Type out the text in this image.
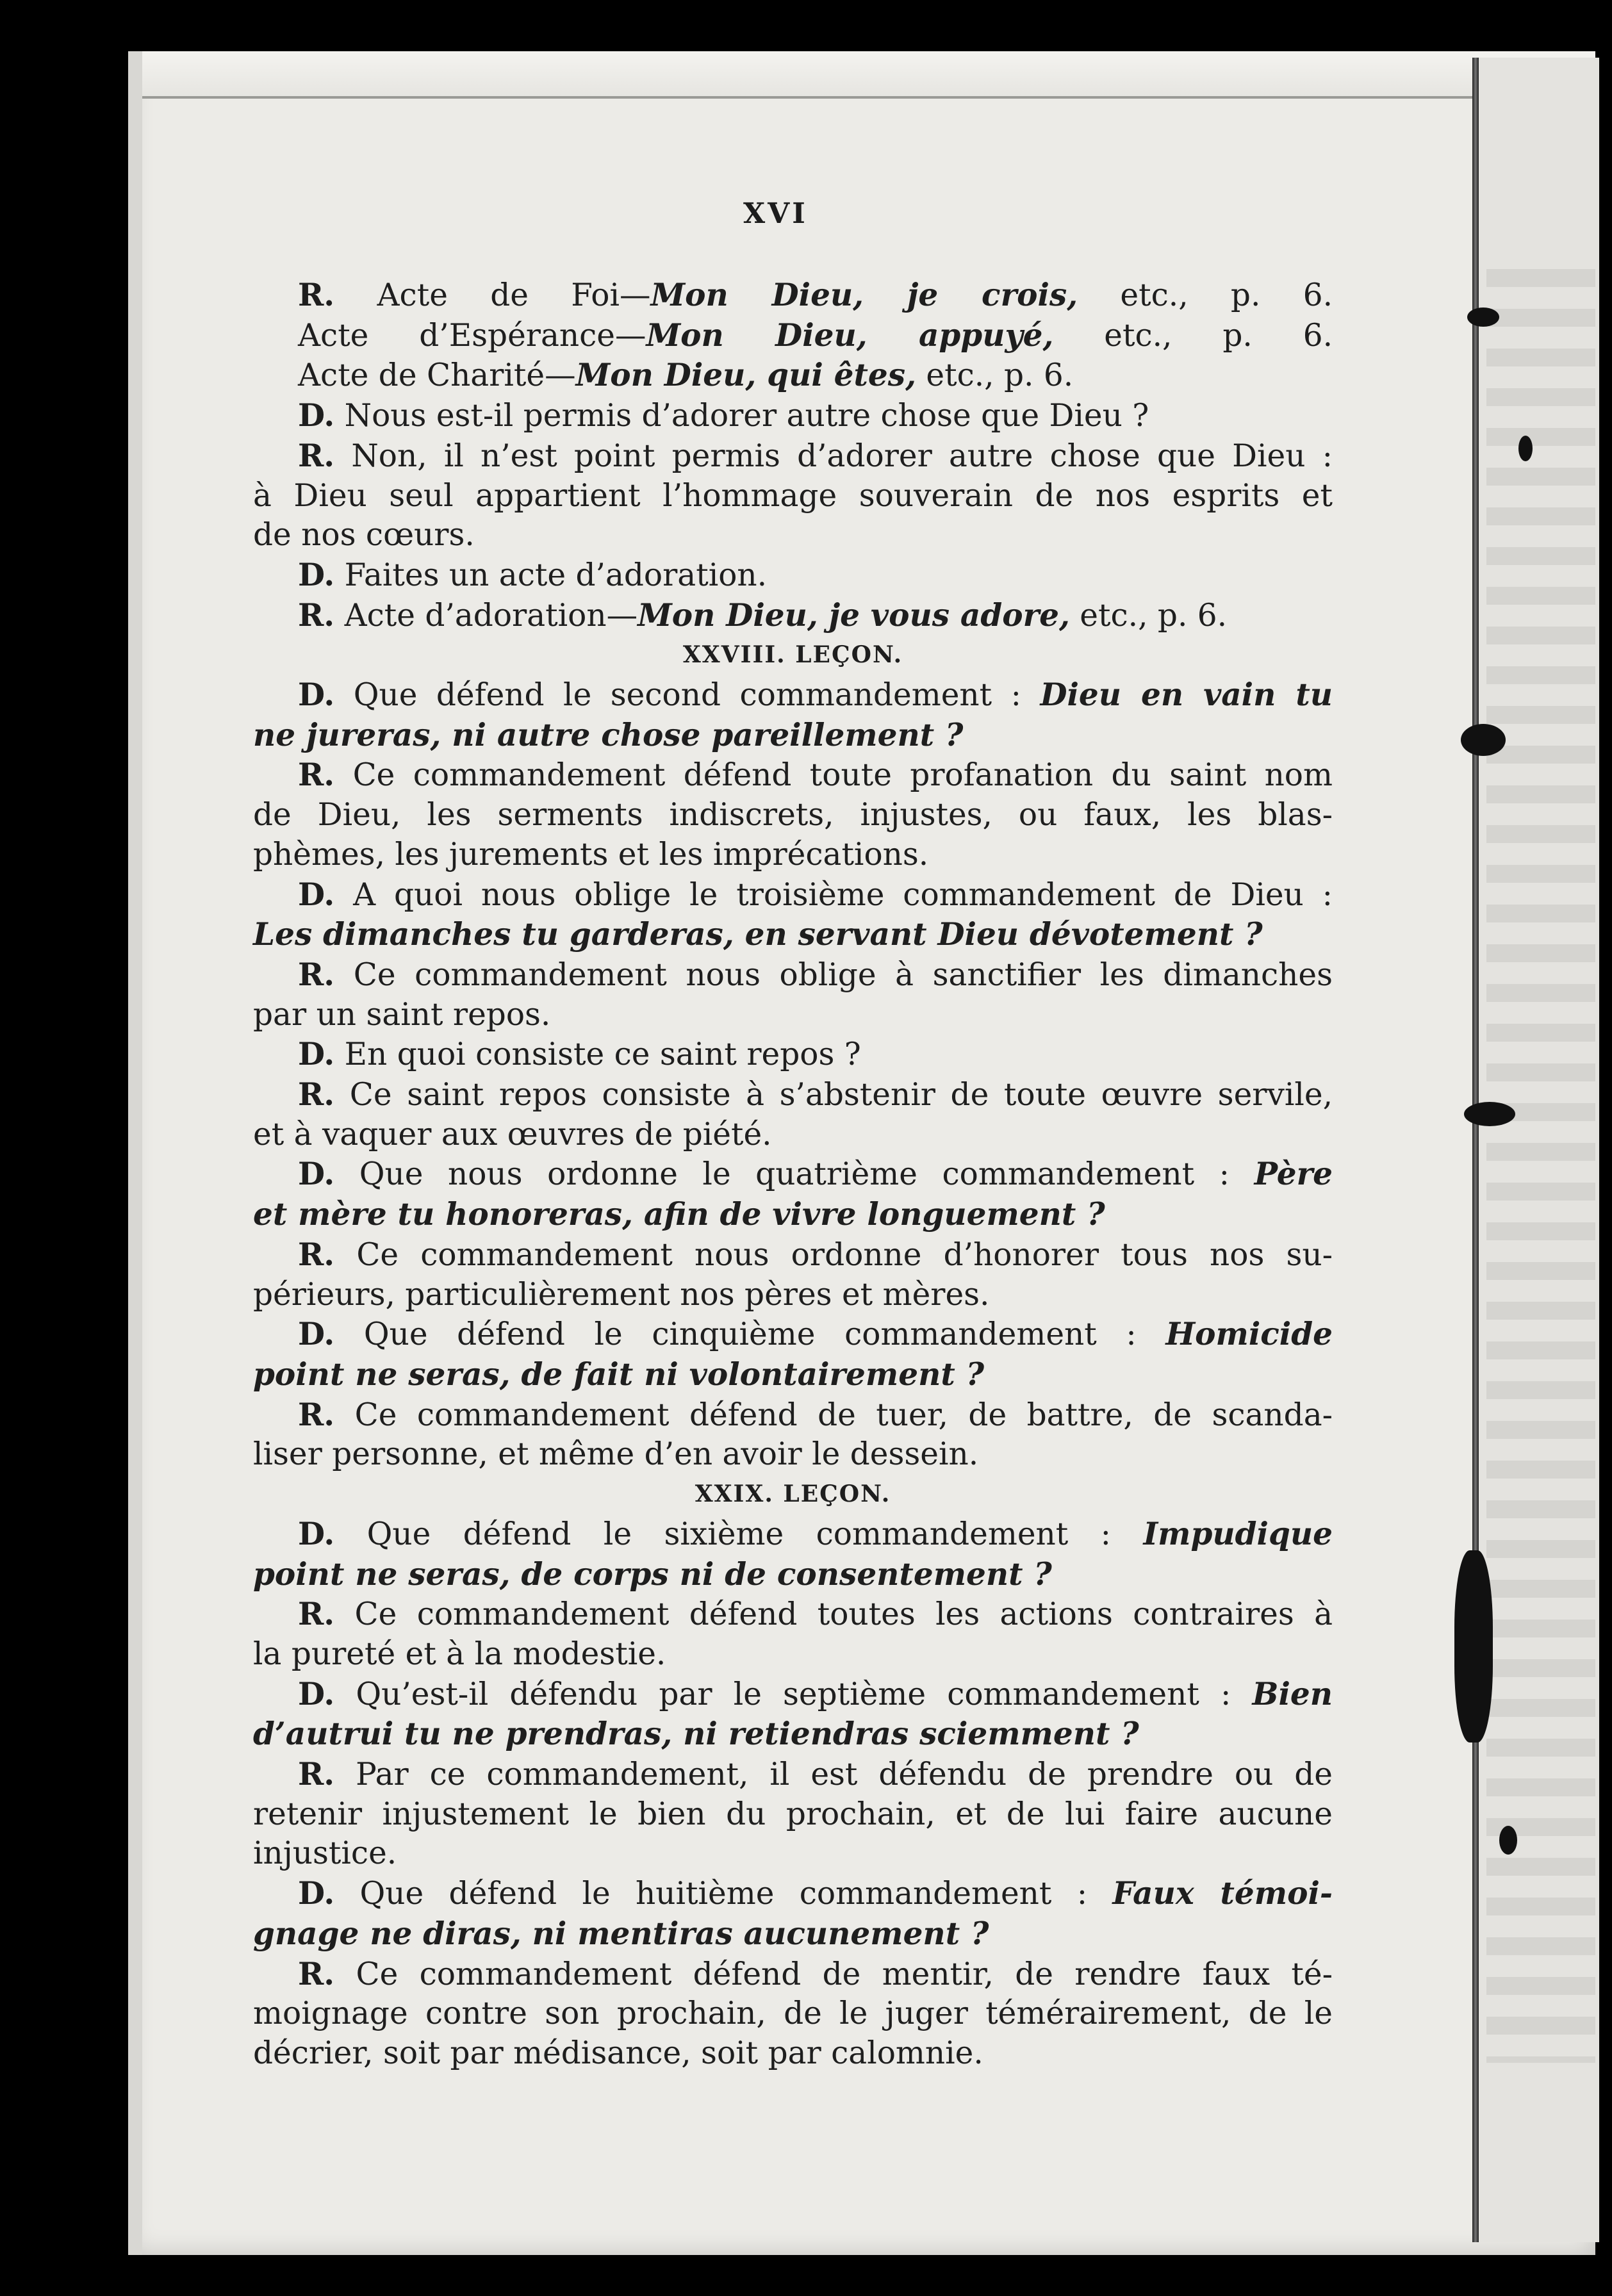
XVI
R. Acte de Foi—Mon Dieu, je crois, etc., p. 6.
Acte d’Espérance—Mon Dieu, appuyé, etc., p. 6.
Acte de Charité—Mon Dieu, qui êtes, etc., p. 6.
D. Nous est-il permis d’adorer autre chose que Dieu ?
R. Non, il n’est point permis d’adorer autre chose que Dieu :
à Dieu seul appartient l’hommage souverain de nos esprits et
de nos cœurs.
D. Faites un acte d’adoration.
R. Acte d’adoration—Mon Dieu, je vous adore, etc., p. 6.
XXVIII. LEÇON.
D. Que défend le second commandement : Dieu en vain tu
ne jureras, ni autre chose pareillement ?
R. Ce commandement défend toute profanation du saint nom
de Dieu, les serments indiscrets, injustes, ou faux, les blas-
phèmes, les jurements et les imprécations.
D. A quoi nous oblige le troisième commandement de Dieu :
Les dimanches tu garderas, en servant Dieu dévotement ?
R. Ce commandement nous oblige à sanctifier les dimanches
par un saint repos.
D. En quoi consiste ce saint repos ?
R. Ce saint repos consiste à s’abstenir de toute œuvre servile,
et à vaquer aux œuvres de piété.
D. Que nous ordonne le quatrième commandement : Père
et mère tu honoreras, afin de vivre longuement ?
R. Ce commandement nous ordonne d’honorer tous nos su-
périeurs, particulièrement nos pères et mères.
D. Que défend le cinquième commandement : Homicide
point ne seras, de fait ni volontairement ?
R. Ce commandement défend de tuer, de battre, de scanda-
liser personne, et même d’en avoir le dessein.
XXIX. LEÇON.
D. Que défend le sixième commandement : Impudique
point ne seras, de corps ni de consentement ?
R. Ce commandement défend toutes les actions contraires à
la pureté et à la modestie.
D. Qu’est-il défendu par le septième commandement : Bien
d’autrui tu ne prendras, ni retiendras sciemment ?
R. Par ce commandement, il est défendu de prendre ou de
retenir injustement le bien du prochain, et de lui faire aucune
injustice.
D. Que défend le huitième commandement : Faux témoi-
gnage ne diras, ni mentiras aucunement ?
R. Ce commandement défend de mentir, de rendre faux té-
moignage contre son prochain, de le juger témérairement, de le
décrier, soit par médisance, soit par calomnie.
